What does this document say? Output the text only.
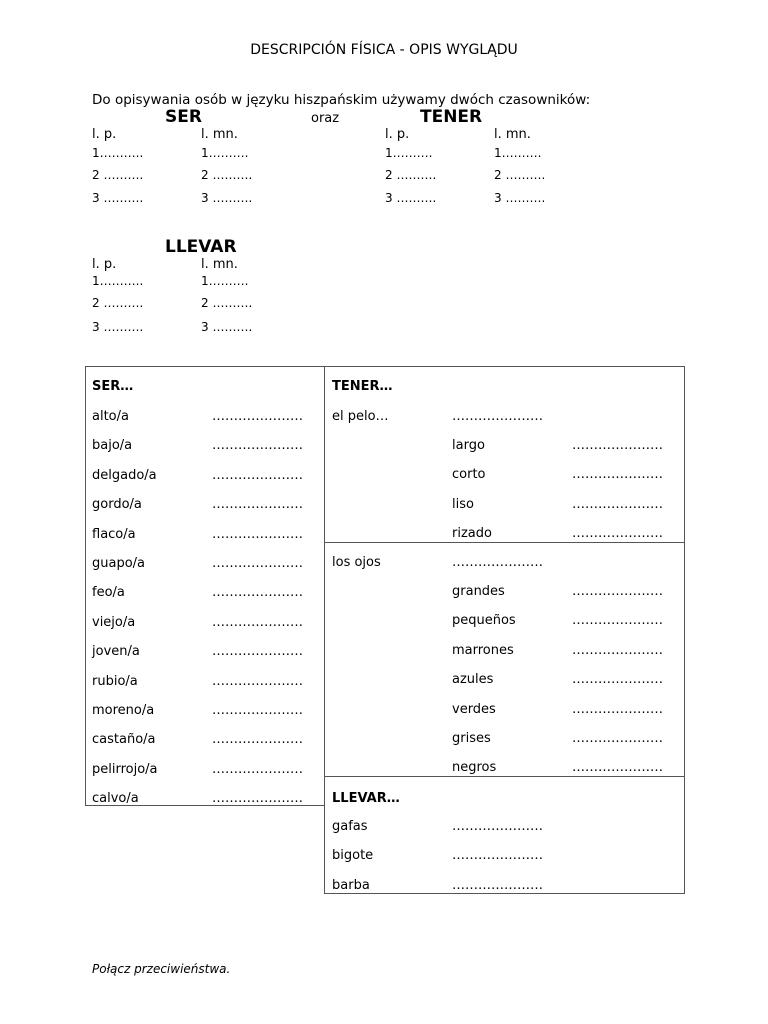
DESCRIPCIÓN FÍSICA - OPIS WYGLĄDU
Do opisywania osób w języku hiszpańskim używamy dwóch czasowników:
SER	oraz	TENER
l. p.	l. mn.
1………..	1……….
2 ……….	2 ……….
3 ……….	3 ……….
l. p.	l. mn.
1……….	1……….
2 ……….	2 ……….
3 ……….	3 ……….
LLEVAR
l. p.	l. mn.
1………..	1……….
2 ……….	2 ……….
3 ……….	3 ……….
SER…
alto/a	…………………
bajo/a	…………………
delgado/a	…………………
gordo/a	…………………
flaco/a	…………………
guapo/a	…………………
feo/a	…………………
viejo/a	…………………
joven/a	…………………
rubio/a	…………………
moreno/a	…………………
castaño/a	…………………
pelirrojo/a	…………………
calvo/a	…………………
TENER…
el pelo…	…………………
largo	…………………
corto	…………………
liso	…………………
rizado	…………………
los ojos	…………………
grandes	…………………
pequeños	…………………
marrones	…………………
azules	…………………
verdes	…………………
grises	…………………
negros	…………………
LLEVAR…
gafas	…………………
bigote	…………………
barba	…………………
Połącz przeciwieństwa.
